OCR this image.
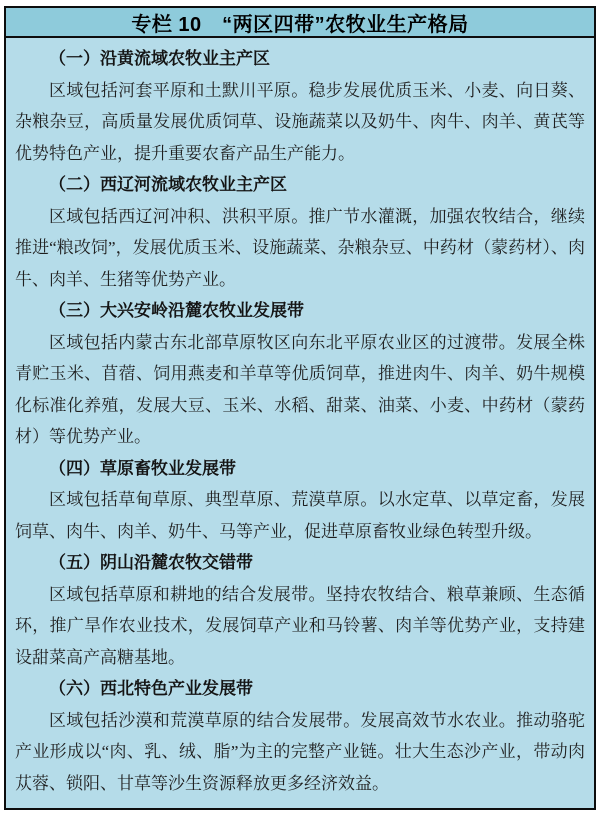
专栏 10　“两区四带”农牧业生产格局
（一）沿黄流域农牧业主产区
区域包括河套平原和土默川平原。稳步发展优质玉米、小麦、向日葵、杂粮杂豆，高质量发展优质饲草、设施蔬菜以及奶牛、肉牛、肉羊、黄芪等优势特色产业，提升重要农畜产品生产能力。
（二）西辽河流域农牧业主产区
区域包括西辽河冲积、洪积平原。推广节水灌溉，加强农牧结合，继续推进“粮改饲”，发展优质玉米、设施蔬菜、杂粮杂豆、中药材（蒙药材）、肉牛、肉羊、生猪等优势产业。
（三）大兴安岭沿麓农牧业发展带
区域包括内蒙古东北部草原牧区向东北平原农业区的过渡带。发展全株青贮玉米、苜蓿、饲用燕麦和羊草等优质饲草，推进肉牛、肉羊、奶牛规模化标准化养殖，发展大豆、玉米、水稻、甜菜、油菜、小麦、中药材（蒙药材）等优势产业。
（四）草原畜牧业发展带
区域包括草甸草原、典型草原、荒漠草原。以水定草、以草定畜，发展饲草、肉牛、肉羊、奶牛、马等产业，促进草原畜牧业绿色转型升级。
（五）阴山沿麓农牧交错带
区域包括草原和耕地的结合发展带。坚持农牧结合、粮草兼顾、生态循环，推广旱作农业技术，发展饲草产业和马铃薯、肉羊等优势产业，支持建设甜菜高产高糖基地。
（六）西北特色产业发展带
区域包括沙漠和荒漠草原的结合发展带。发展高效节水农业。推动骆驼产业形成以“肉、乳、绒、脂”为主的完整产业链。壮大生态沙产业，带动肉苁蓉、锁阳、甘草等沙生资源释放更多经济效益。
